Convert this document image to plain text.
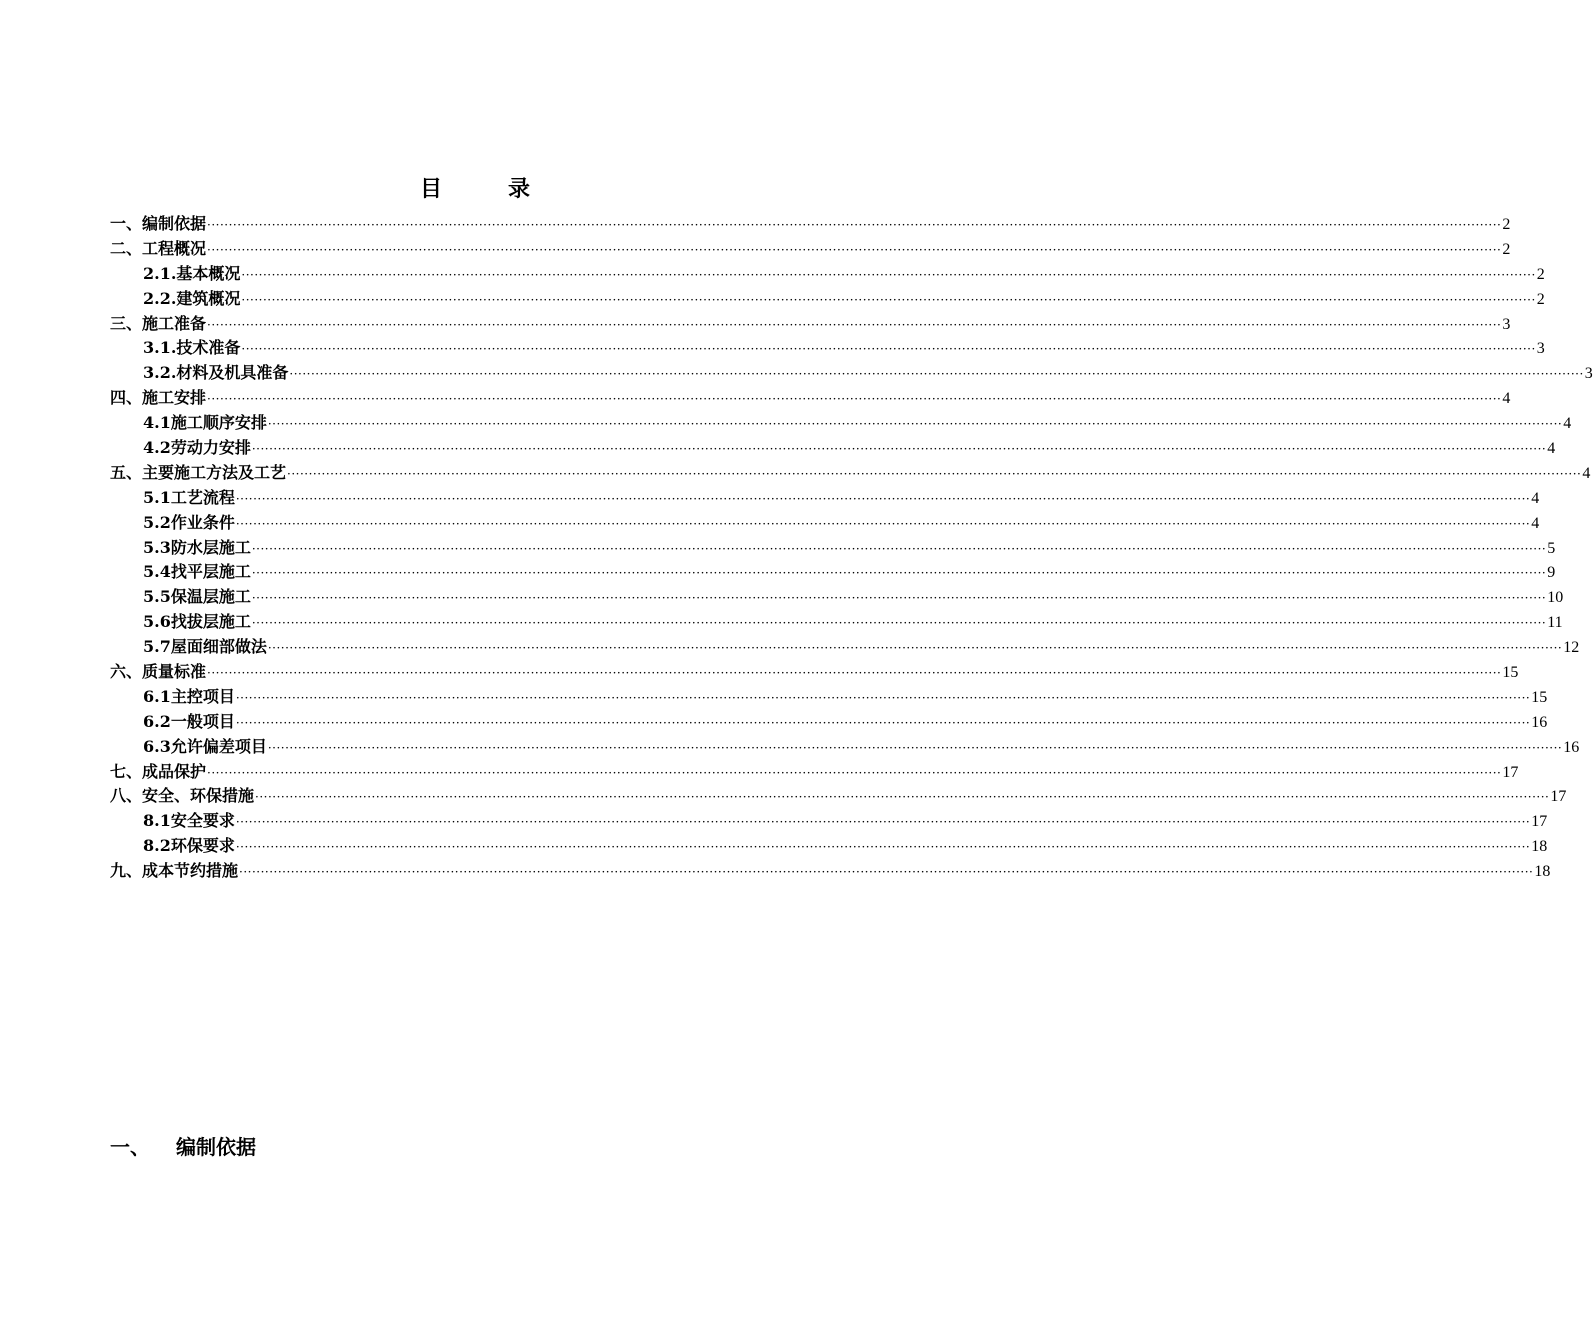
目　录
一、 编制依据 ············································································································································································································································································································ 2
二、 工程概况 ············································································································································································································································································································ 2
2.1. 基本概况 ············································································································································································································································································································ 2
2.2. 建筑概况 ············································································································································································································································································································ 2
三、 施工准备 ············································································································································································································································································································ 3
3.1. 技术准备 ············································································································································································································································································································ 3
3.2. 材料及机具准备 ············································································································································································································································································································ 3
四、 施工安排 ············································································································································································································································································································ 4
4.1 施工顺序安排 ············································································································································································································································································································ 4
4.2 劳动力安排 ············································································································································································································································································································ 4
五、 主要施工方法及工艺 ············································································································································································································································································································ 4
5.1 工艺流程 ············································································································································································································································································································ 4
5.2 作业条件 ············································································································································································································································································································ 4
5.3 防水层施工 ············································································································································································································································································································ 5
5.4 找平层施工 ············································································································································································································································································································ 9
5.5 保温层施工 ············································································································································································································································································································ 10
5.6 找拔层施工 ············································································································································································································································································································ 11
5.7 屋面细部做法 ············································································································································································································································································································ 12
六、 质量标准 ············································································································································································································································································································ 15
6.1 主控项目 ············································································································································································································································································································ 15
6.2 一般项目 ············································································································································································································································································································ 16
6.3 允许偏差项目 ············································································································································································································································································································ 16
七、 成品保护 ············································································································································································································································································································ 17
八、 安全、环保措施 ············································································································································································································································································································ 17
8.1 安全要求 ············································································································································································································································································································ 17
8.2 环保要求 ············································································································································································································································································································ 18
九、 成本节约措施 ············································································································································································································································································································ 18
一、 编制依据
